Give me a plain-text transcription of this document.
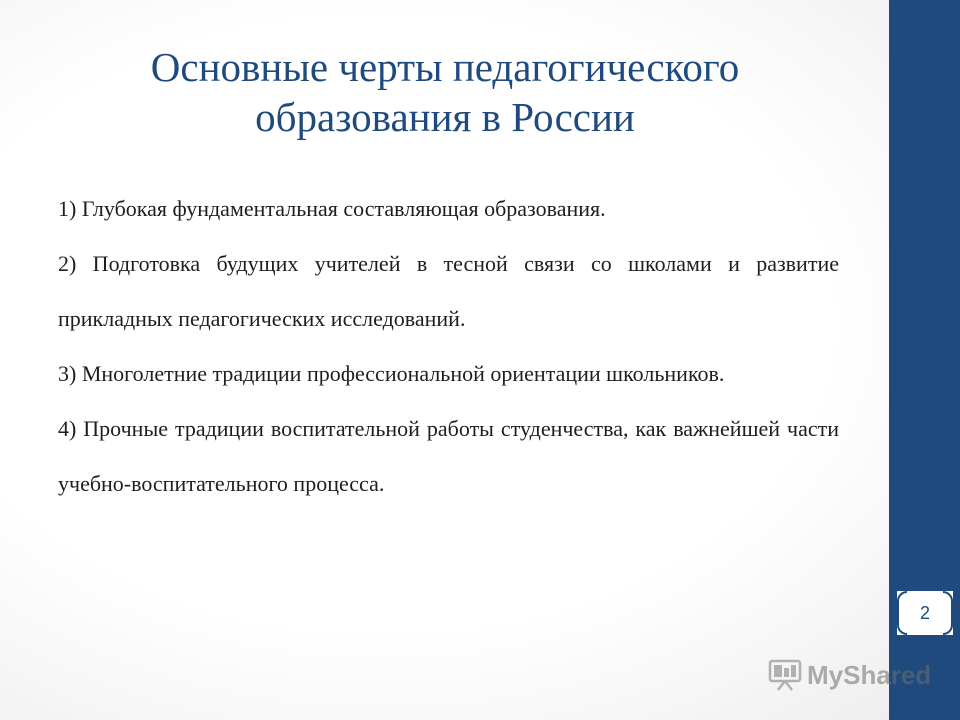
Основные черты педагогического образования в России

1) Глубокая фундаментальная составляющая образования.

2) Подготовка будущих учителей в тесной связи со школами и развитие прикладных педагогических исследований.

3) Многолетние традиции профессиональной ориентации школьников.

4) Прочные традиции воспитательной работы студенчества, как важнейшей части учебно-воспитательного процесса.

2
MyShared
